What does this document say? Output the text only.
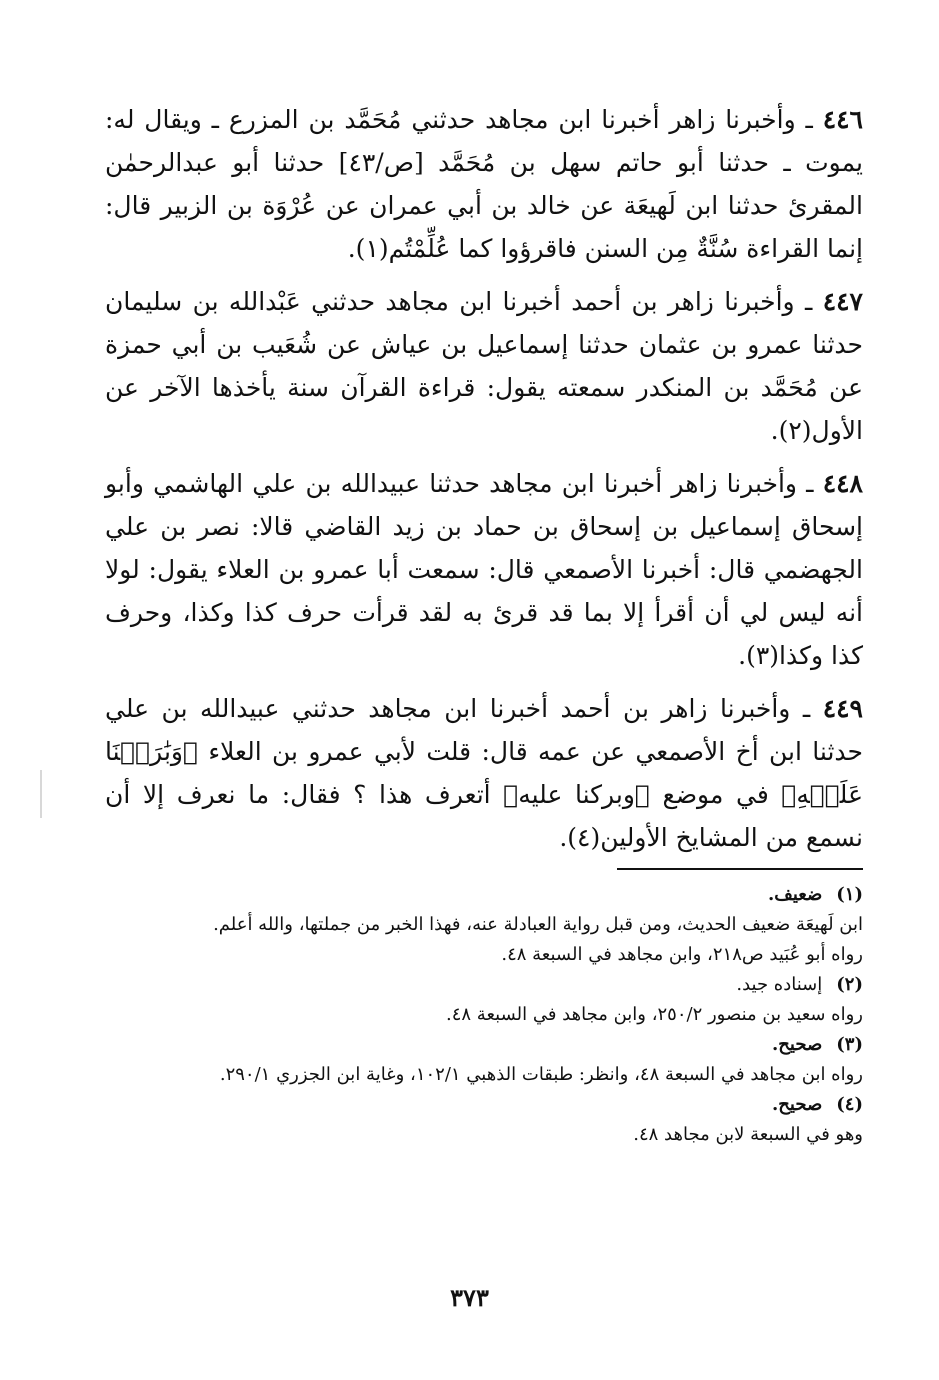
٤٤٦ ـ وأخبرنا زاهر أخبرنا ابن مجاهد حدثني مُحَمَّد بن المزرع ـ ويقال له: يموت ـ حدثنا أبو حاتم سهل بن مُحَمَّد [ص/٤٣] حدثنا أبو عبدالرحمٰن المقرئ حدثنا ابن لَهيعَة عن خالد بن أبي عمران عن عُرْوَة بن الزبير قال: إنما القراءة سُنَّةٌ مِن السنن فاقرؤوا كما عُلِّمْتُم(١).

٤٤٧ ـ وأخبرنا زاهر بن أحمد أخبرنا ابن مجاهد حدثني عَبْدالله بن سليمان حدثنا عمرو بن عثمان حدثنا إسماعيل بن عياش عن شُعَيب بن أبي حمزة عن مُحَمَّد بن المنكدر سمعته يقول: قراءة القرآن سنة يأخذها الآخر عن الأول(٢).

٤٤٨ ـ وأخبرنا زاهر أخبرنا ابن مجاهد حدثنا عبيدالله بن علي الهاشمي وأبو إسحاق إسماعيل بن إسحاق بن حماد بن زيد القاضي قالا: نصر بن علي الجهضمي قال: أخبرنا الأصمعي قال: سمعت أبا عمرو بن العلاء يقول: لولا أنه ليس لي أن أقرأ إلا بما قد قرئ به لقد قرأت حرف كذا وكذا، وحرف كذا وكذا(٣).

٤٤٩ ـ وأخبرنا زاهر بن أحمد أخبرنا ابن مجاهد حدثني عبيدالله بن علي حدثنا ابن أخ الأصمعي عن عمه قال: قلت لأبي عمرو بن العلاء ﴿وَبَٰرَكۡنَا عَلَيۡهِ﴾ في موضع ﴿وبركنا عليه﴾ أتعرف هذا ؟ فقال: ما نعرف إلا أن نسمع من المشايخ الأولين(٤).

(١)
ضعيف.

ابن لَهيعَة ضعيف الحديث، ومن قبل رواية العبادلة عنه، فهذا الخبر من جملتها، والله أعلم.

رواه أبو عُبَيد ص٢١٨، وابن مجاهد في السبعة ٤٨.

(٢)
إسناده جيد.

رواه سعيد بن منصور ٢٥٠/٢، وابن مجاهد في السبعة ٤٨.

(٣)
صحيح.

رواه ابن مجاهد في السبعة ٤٨، وانظر: طبقات الذهبي ١٠٢/١، وغاية ابن الجزري ٢٩٠/١.

(٤)
صحيح.

وهو في السبعة لابن مجاهد ٤٨.

٣٧٣
